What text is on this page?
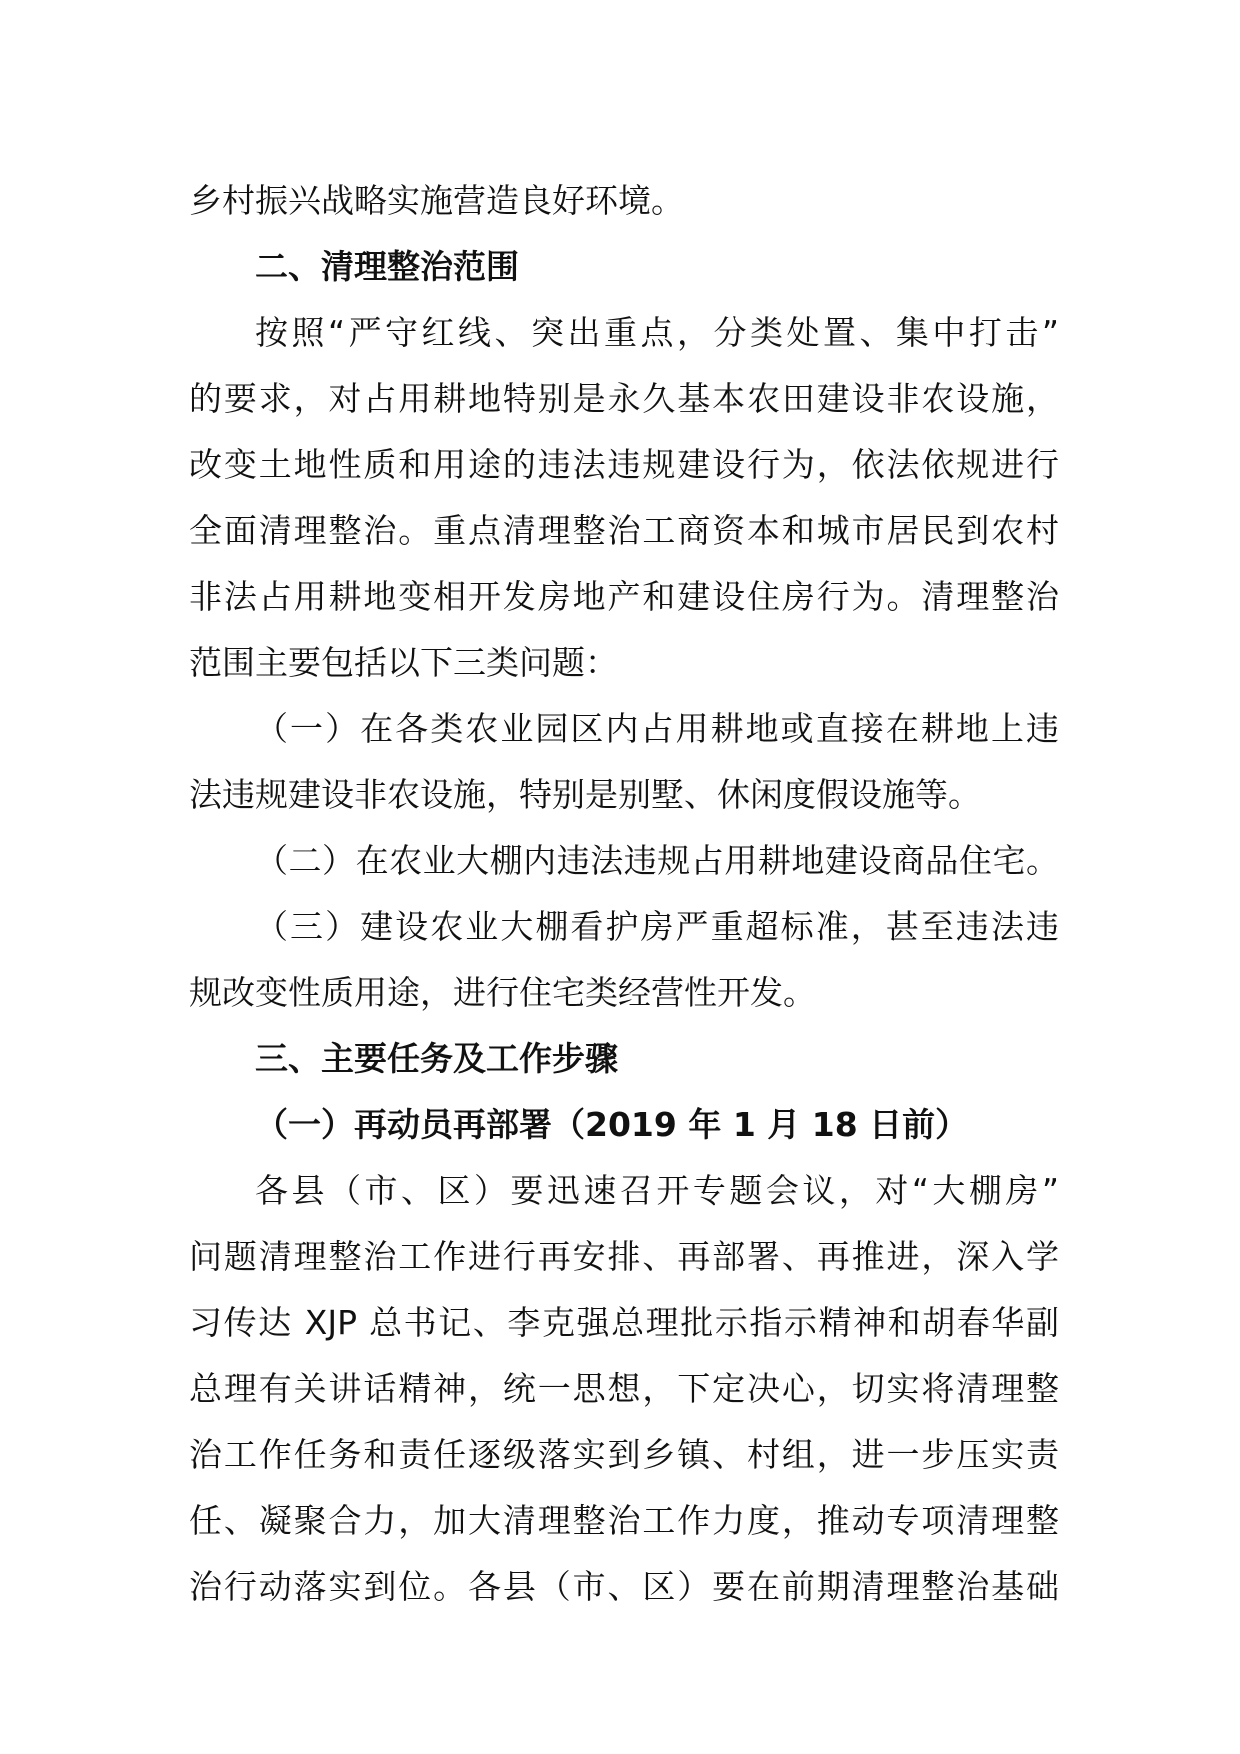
乡村振兴战略实施营造良好环境。
二、清理整治范围
按照“严守红线、突出重点，分类处置、集中打击”
的要求，对占用耕地特别是永久基本农田建设非农设施，
改变土地性质和用途的违法违规建设行为，依法依规进行
全面清理整治。重点清理整治工商资本和城市居民到农村
非法占用耕地变相开发房地产和建设住房行为。清理整治
范围主要包括以下三类问题：
（一）在各类农业园区内占用耕地或直接在耕地上违
法违规建设非农设施，特别是别墅、休闲度假设施等。
（二）在农业大棚内违法违规占用耕地建设商品住宅。
（三）建设农业大棚看护房严重超标准，甚至违法违
规改变性质用途，进行住宅类经营性开发。
三、主要任务及工作步骤
（一）再动员再部署（2019 年 1 月 18 日前）
各县（市、区）要迅速召开专题会议，对“大棚房”
问题清理整治工作进行再安排、再部署、再推进，深入学
习传达 XJP 总书记、李克强总理批示指示精神和胡春华副
总理有关讲话精神，统一思想，下定决心，切实将清理整
治工作任务和责任逐级落实到乡镇、村组，进一步压实责
任、凝聚合力，加大清理整治工作力度，推动专项清理整
治行动落实到位。各县（市、区）要在前期清理整治基础
